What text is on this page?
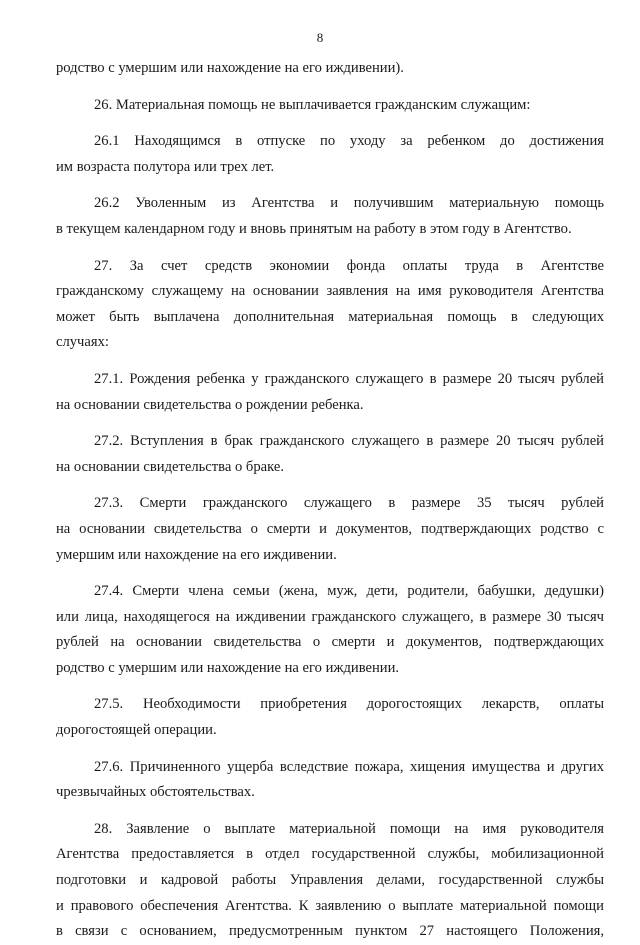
8
родство с умершим или нахождение на его иждивении).
26. Материальная помощь не выплачивается гражданским служащим:
26.1 Находящимся в отпуске по уходу за ребенком до достижения
им возраста полутора или трех лет.
26.2 Уволенным из Агентства и получившим материальную помощь
в текущем календарном году и вновь принятым на работу в этом году в Агентство.
27. За счет средств экономии фонда оплаты труда в Агентстве
гражданскому служащему на основании заявления на имя руководителя Агентства
может быть выплачена дополнительная материальная помощь в следующих
случаях:
27.1. Рождения ребенка у гражданского служащего в размере 20 тысяч рублей
на основании свидетельства о рождении ребенка.
27.2. Вступления в брак гражданского служащего в размере 20 тысяч рублей
на основании свидетельства о браке.
27.3. Смерти гражданского служащего в размере 35 тысяч рублей
на основании свидетельства о смерти и документов, подтверждающих родство с
умершим или нахождение на его иждивении.
27.4. Смерти члена семьи (жена, муж, дети, родители, бабушки, дедушки)
или лица, находящегося на иждивении гражданского служащего, в размере 30 тысяч
рублей на основании свидетельства о смерти и документов, подтверждающих
родство с умершим или нахождение на его иждивении.
27.5. Необходимости приобретения дорогостоящих лекарств, оплаты
дорогостоящей операции.
27.6. Причиненного ущерба вследствие пожара, хищения имущества и других
чрезвычайных обстоятельствах.
28. Заявление о выплате материальной помощи на имя руководителя
Агентства предоставляется в отдел государственной службы, мобилизационной
подготовки и кадровой работы Управления делами, государственной службы
и правового обеспечения Агентства. К заявлению о выплате материальной помощи
в связи с основанием, предусмотренным пунктом 27 настоящего Положения,
